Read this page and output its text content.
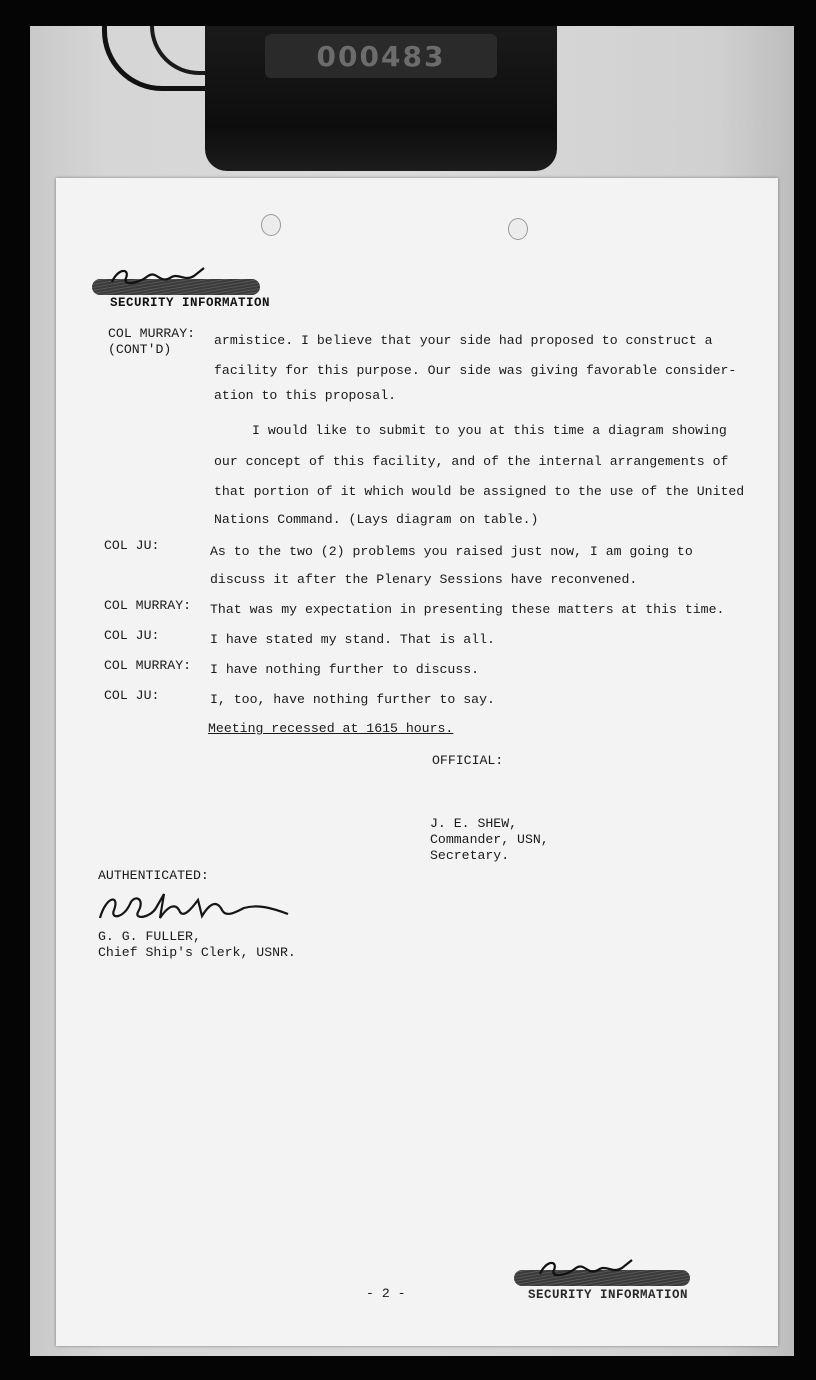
000483
SECURITY INFORMATION
COL MURRAY:
(CONT'D)
armistice. I believe that your side had proposed to construct a
facility for this purpose. Our side was giving favorable consider-
ation to this proposal.
I would like to submit to you at this time a diagram showing
our concept of this facility, and of the internal arrangements of
that portion of it which would be assigned to the use of the United
Nations Command. (Lays diagram on table.)
COL JU:	As to the two (2) problems you raised just now, I am going to
discuss it after the Plenary Sessions have reconvened.
COL MURRAY: That was my expectation in presenting these matters at this time.
COL JU:	I have stated my stand. That is all.
COL MURRAY: I have nothing further to discuss.
COL JU:	I, too, have nothing further to say.
Meeting recessed at 1615 hours.
OFFICIAL:
J. E. SHEW,
Commander, USN,
Secretary.
AUTHENTICATED:
G. G. FULLER,
Chief Ship's Clerk, USNR.
- 2 -	SECURITY INFORMATION
